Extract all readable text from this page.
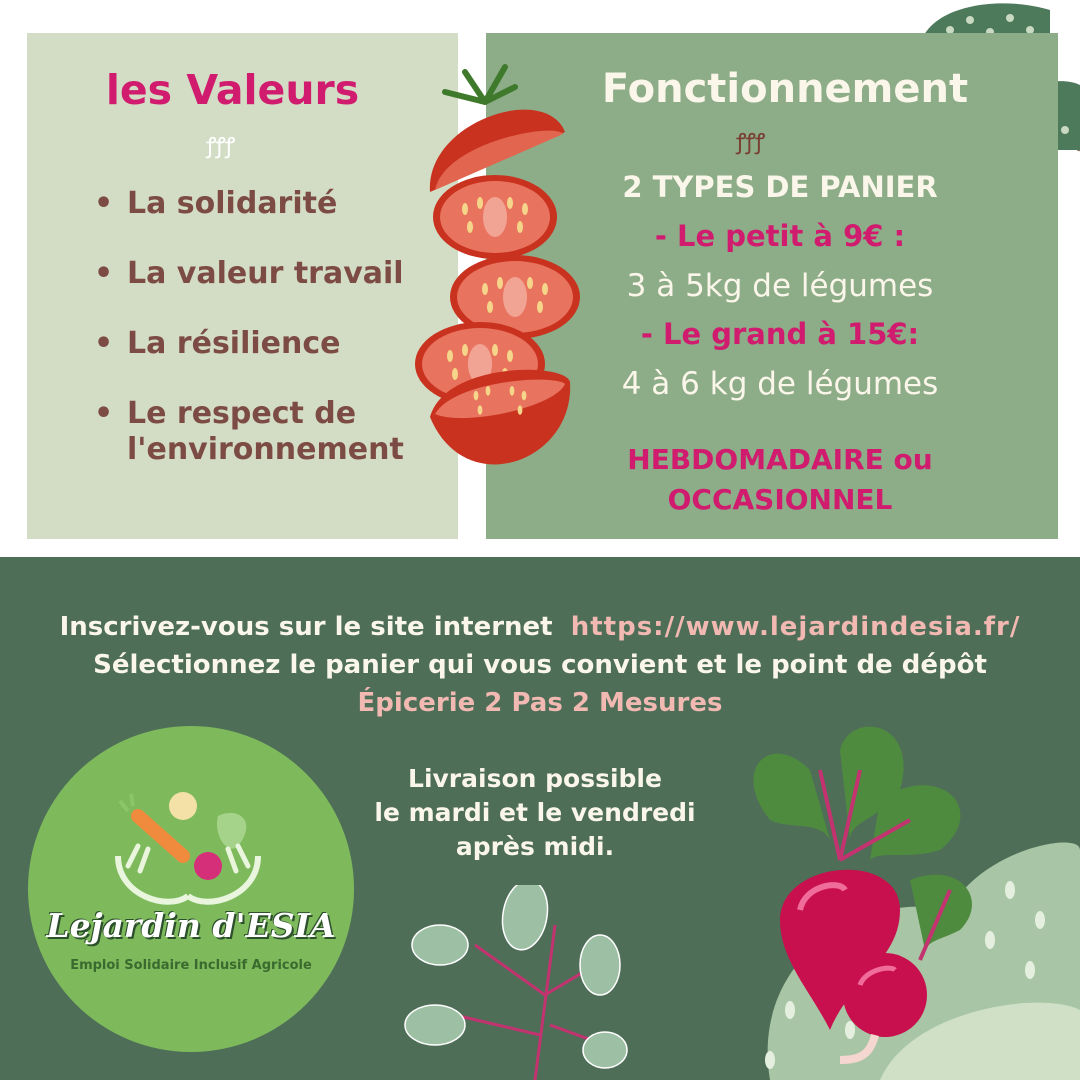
les Valeurs
ꝭꝭꝭ
• La solidarité
• La valeur travail
• La résilience
• Le respect de
l'environnement
Fonctionnement
ꝭꝭꝭ
2 TYPES DE PANIER
- Le petit à 9€ :
3 à 5kg de légumes
- Le grand à 15€:
4 à 6 kg de légumes
HEBDOMADAIRE ou
OCCASIONNEL
Inscrivez-vous sur le site internet https://www.lejardindesia.fr/
Sélectionnez le panier qui vous convient et le point de dépôt
Épicerie 2 Pas 2 Mesures
Livraison possible
le mardi et le vendredi
après midi.
Lejardin d'ESIA
Emploi Solidaire Inclusif Agricole
